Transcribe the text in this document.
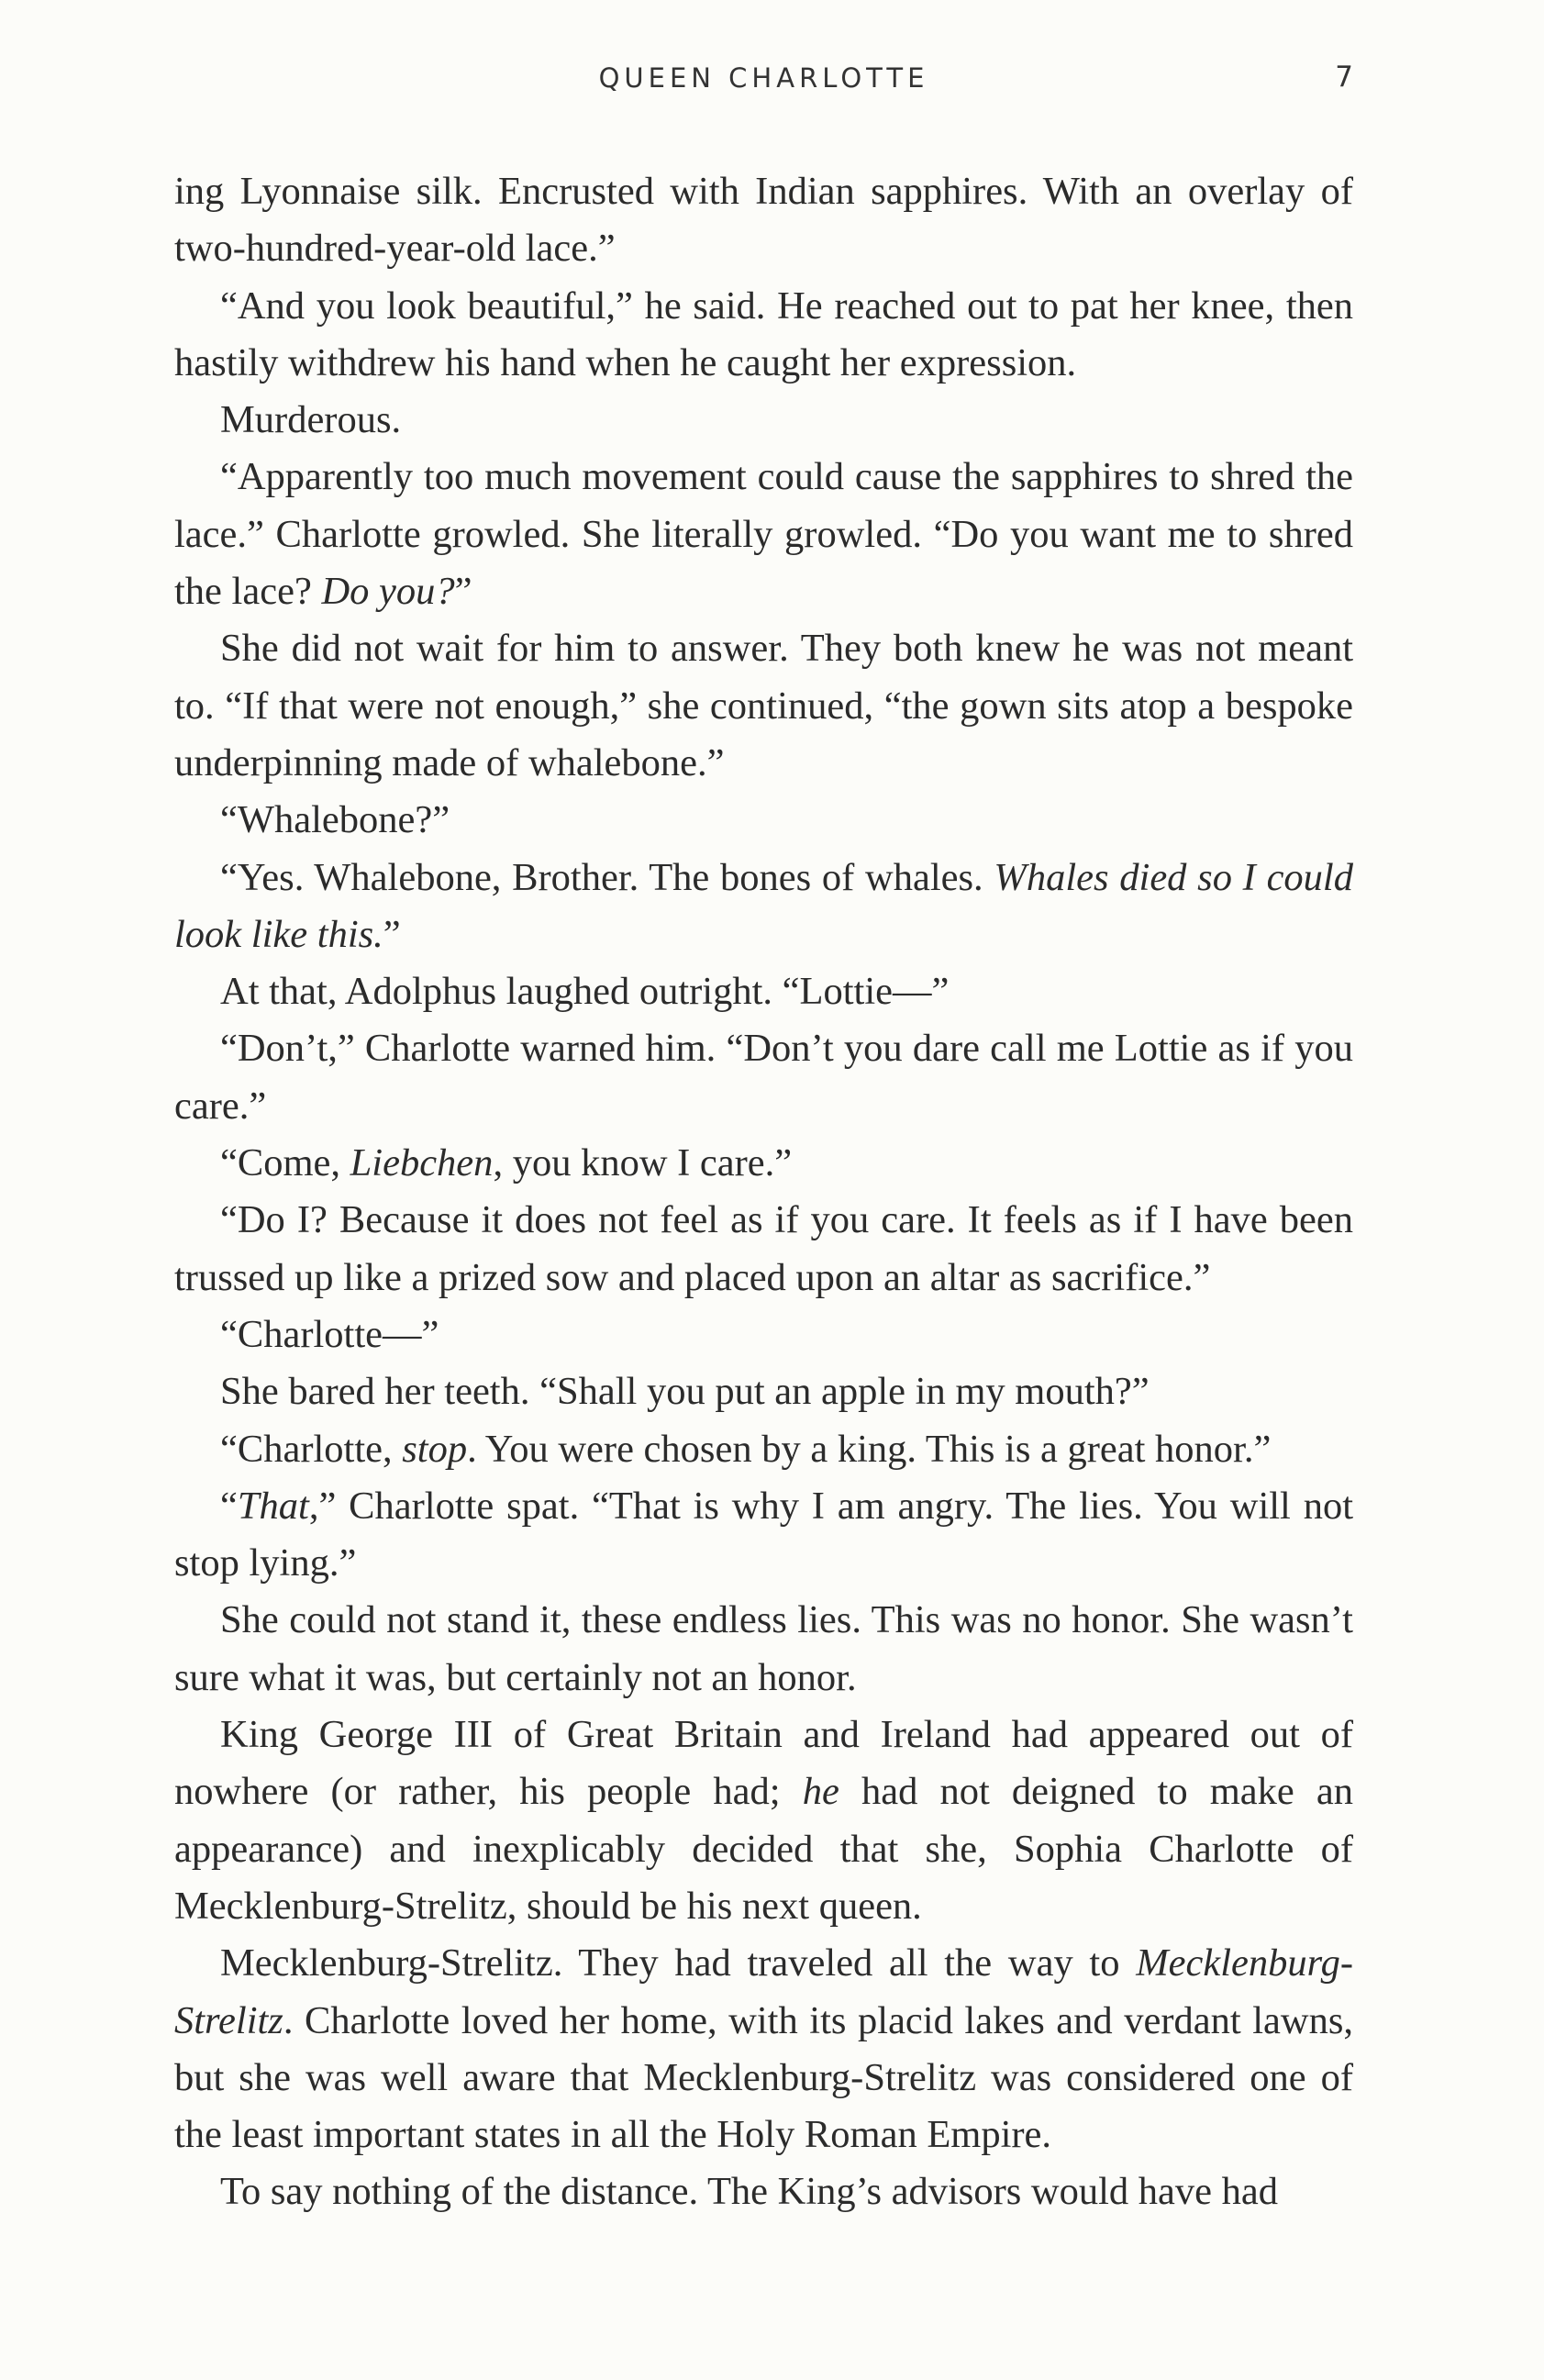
QUEEN CHARLOTTE	7

ing Lyonnaise silk. Encrusted with Indian sapphires. With an overlay of two-hundred-year-old lace.”

“And you look beautiful,” he said. He reached out to pat her knee, then hastily withdrew his hand when he caught her expression.

Murderous.

“Apparently too much movement could cause the sapphires to shred the lace.” Charlotte growled. She literally growled. “Do you want me to shred the lace? Do you?”

She did not wait for him to answer. They both knew he was not meant to. “If that were not enough,” she continued, “the gown sits atop a bespoke underpinning made of whalebone.”

“Whalebone?”

“Yes. Whalebone, Brother. The bones of whales. Whales died so I could look like this.”

At that, Adolphus laughed outright. “Lottie—”

“Don’t,” Charlotte warned him. “Don’t you dare call me Lottie as if you care.”

“Come, Liebchen, you know I care.”

“Do I? Because it does not feel as if you care. It feels as if I have been trussed up like a prized sow and placed upon an altar as sacrifice.”

“Charlotte—”

She bared her teeth. “Shall you put an apple in my mouth?”

“Charlotte, stop. You were chosen by a king. This is a great honor.”

“That,” Charlotte spat. “That is why I am angry. The lies. You will not stop lying.”

She could not stand it, these endless lies. This was no honor. She wasn’t sure what it was, but certainly not an honor.

King George III of Great Britain and Ireland had appeared out of nowhere (or rather, his people had; he had not deigned to make an appearance) and inexplicably decided that she, Sophia Charlotte of Mecklenburg-Strelitz, should be his next queen.

Mecklenburg-Strelitz. They had traveled all the way to Mecklenburg-Strelitz. Charlotte loved her home, with its placid lakes and verdant lawns, but she was well aware that Mecklenburg-Strelitz was considered one of the least important states in all the Holy Roman Empire.

To say nothing of the distance. The King’s advisors would have had
